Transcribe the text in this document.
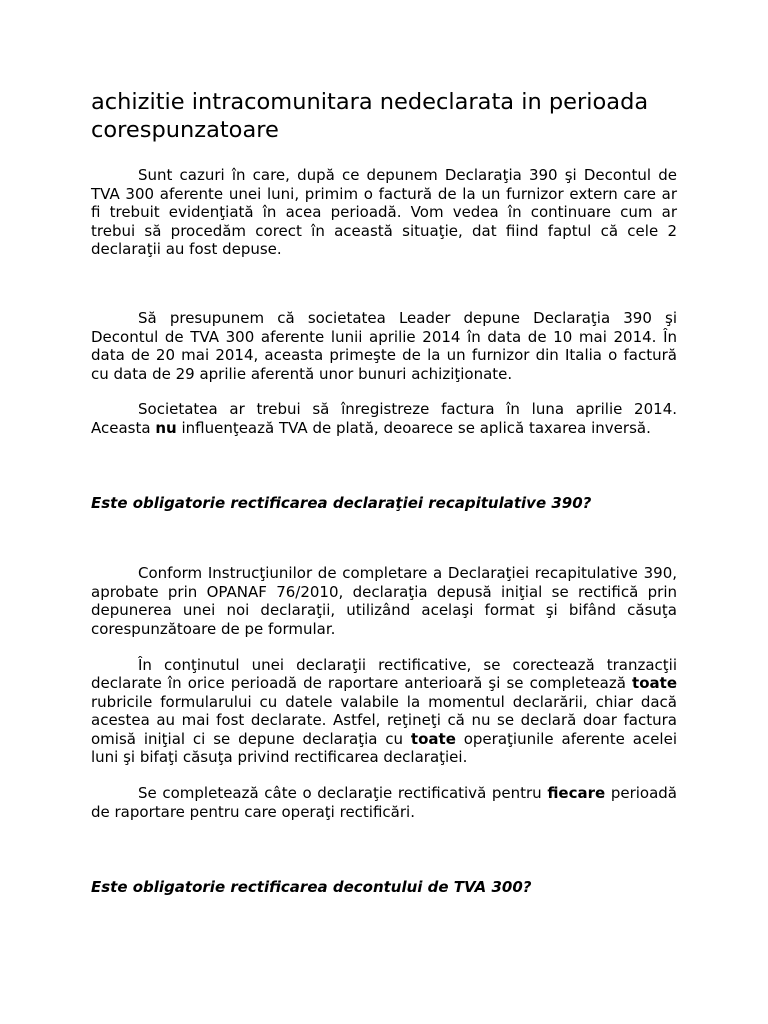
achizitie intracomunitara nedeclarata in perioada corespunzatoare

Sunt cazuri în care, după ce depunem Declaraţia 390 şi Decontul de TVA 300 aferente unei luni, primim o factură de la un furnizor extern care ar fi trebuit evidenţiată în acea perioadă. Vom vedea în continuare cum ar trebui să procedăm corect în această situaţie, dat fiind faptul că cele 2 declaraţii au fost depuse.

Să presupunem că societatea Leader depune Declaraţia 390 şi Decontul de TVA 300 aferente lunii aprilie 2014 în data de 10 mai 2014. În data de 20 mai 2014, aceasta primeşte de la un furnizor din Italia o factură cu data de 29 aprilie aferentă unor bunuri achiziţionate.

Societatea ar trebui să înregistreze factura în luna aprilie 2014. Aceasta nu influenţează TVA de plată, deoarece se aplică taxarea inversă.

Este obligatorie rectificarea declaraţiei recapitulative 390?

Conform Instrucţiunilor de completare a Declaraţiei recapitulative 390, aprobate prin OPANAF 76/2010, declaraţia depusă iniţial se rectifică prin depunerea unei noi declaraţii, utilizând acelaşi format şi bifând căsuţa corespunzătoare de pe formular.

În conţinutul unei declaraţii rectificative, se corectează tranzacţii declarate în orice perioadă de raportare anterioară şi se completează toate rubricile formularului cu datele valabile la momentul declarării, chiar dacă acestea au mai fost declarate. Astfel, reţineţi că nu se declară doar factura omisă iniţial ci se depune declaraţia cu toate operaţiunile aferente acelei luni şi bifaţi căsuţa privind rectificarea declaraţiei.

Se completează câte o declaraţie rectificativă pentru fiecare perioadă de raportare pentru care operaţi rectificări.

Este obligatorie rectificarea decontului de TVA 300?
